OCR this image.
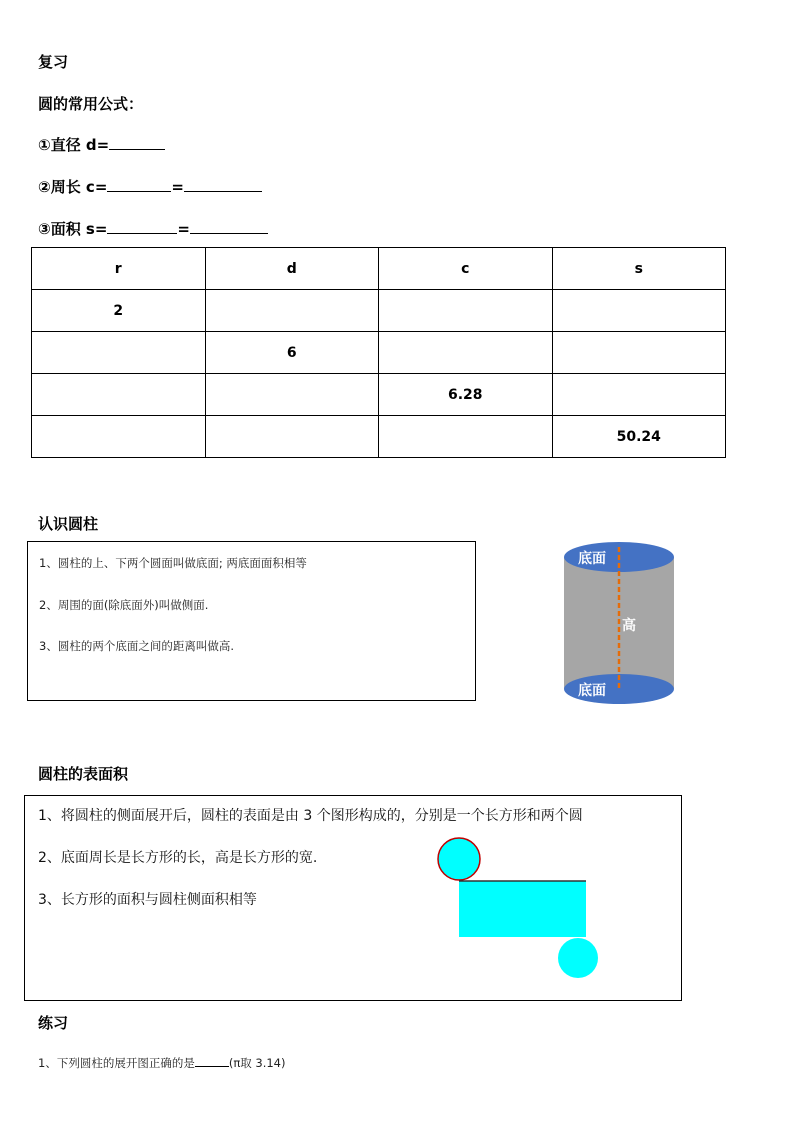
复习
圆的常用公式：
①直径 d=
②周长 c=	=
③面积 s=	=
r	d	c	s
2			
	6		
		6.28	
			50.24
认识圆柱
1、圆柱的上、下两个圆面叫做底面; 两底面面积相等
2、周围的面(除底面外)叫做侧面.
3、圆柱的两个底面之间的距离叫做高.
底面
高
底面
圆柱的表面积
1、将圆柱的侧面展开后，圆柱的表面是由 3 个图形构成的，分别是一个长方形和两个圆
2、底面周长是长方形的长，高是长方形的宽.
3、长方形的面积与圆柱侧面积相等
练习
1、下列圆柱的展开图正确的是	(π取 3.14)
